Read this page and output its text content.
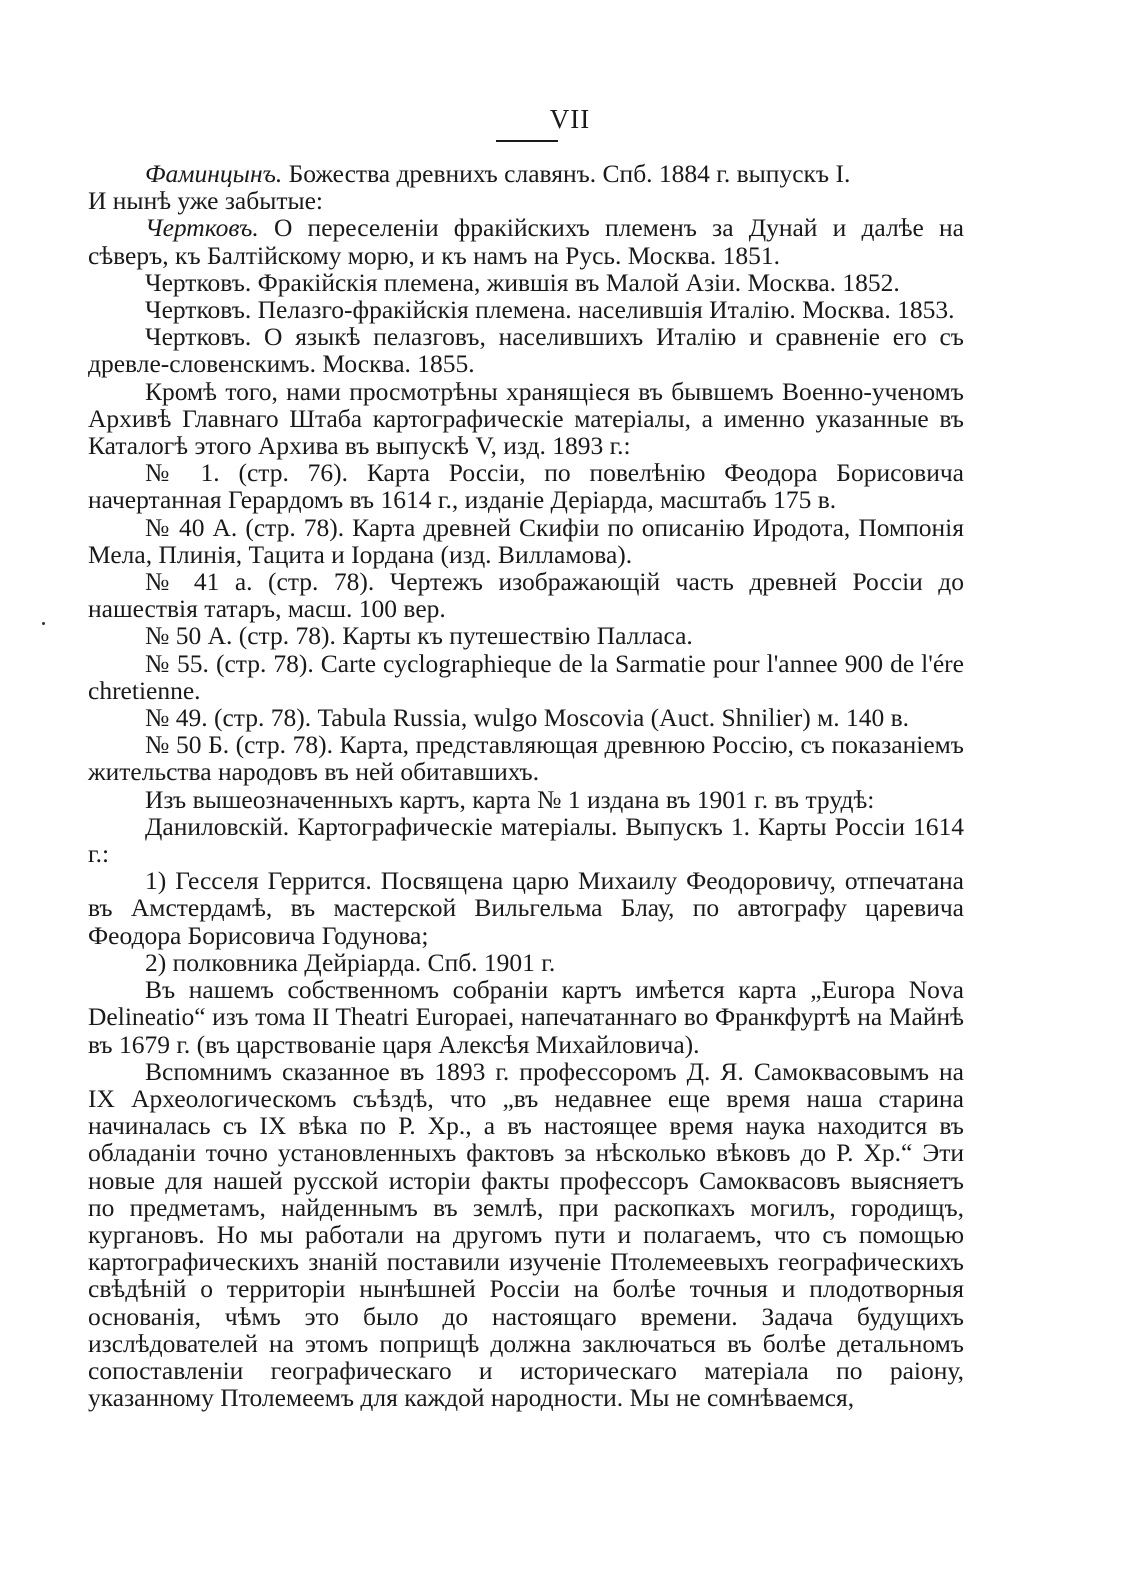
VII

Фаминцынъ. Божества древнихъ славянъ. Спб. 1884 г. выпускъ I.

И нынѣ уже забытые:

Чертковъ. О переселенiи фракiйскихъ племенъ за Дунай и далѣе на сѣверъ, къ Балтiйскому морю, и къ намъ на Русь. Москва. 1851.

Чертковъ. Фракiйскiя племена, жившiя въ Малой Азiи. Москва. 1852.

Чертковъ. Пелазго-фракiйскiя племена. населившiя Италiю. Москва. 1853.

Чертковъ. О языкѣ пелазговъ, населившихъ Италiю и сравненiе его съ древле-словенскимъ. Москва. 1855.

Кромѣ того, нами просмотрѣны хранящiеся въ бывшемъ Военно-ученомъ Архивѣ Главнаго Штаба картографическiе матерiалы, а именно указанные въ Каталогѣ этого Архива въ выпускѣ V, изд. 1893 г.:

№ 1. (стр. 76). Карта Россiи, по повелѣнiю Феодора Борисовича начертанная Герардомъ въ 1614 г., изданiе Дерiарда, масштабъ 175 в.

№ 40 А. (стр. 78). Карта древней Скифiи по описанiю Иродота, Помпонiя Мела, Плинiя, Тацита и Iордана (изд. Вилламова).

№ 41 а. (стр. 78). Чертежъ изображающiй часть древней Россiи до нашествiя татаръ, масш. 100 вер.

№ 50 А. (стр. 78). Карты къ путешествiю Палласа.

№ 55. (стр. 78). Carte cyclographieque de la Sarmatie pour l'annee 900 de l'ére chretienne.

№ 49. (стр. 78). Tabula Russia, wulgo Moscovia (Auct. Shnilier) м. 140 в.

№ 50 Б. (стр. 78). Карта, представляющая древнюю Россiю, съ показанiемъ жительства народовъ въ ней обитавшихъ.

Изъ вышеозначенныхъ картъ, карта № 1 издана въ 1901 г. въ трудѣ:

Даниловскiй. Картографическiе матерiалы. Выпускъ 1. Карты Россiи 1614 г.:

1) Гесселя Геррится. Посвящена царю Михаилу Феодоровичу, отпечатана въ Амстердамѣ, въ мастерской Вильгельма Блау, по автографу царевича Феодора Борисовича Годунова;

2) полковника Дейрiарда. Спб. 1901 г.

Въ нашемъ собственномъ собранiи картъ имѣется карта „Europa Nova Delineatio“ изъ тома II Theatri Europaei, напечатаннаго во Франкфуртѣ на Майнѣ въ 1679 г. (въ царствованiе царя Алексѣя Михайловича).

Вспомнимъ сказанное въ 1893 г. профессоромъ Д. Я. Самоквасовымъ на IX Археологическомъ съѣздѣ, что „въ недавнее еще время наша старина начиналась съ IX вѣка по Р. Хр., а въ настоящее время наука находится въ обладанiи точно установленныхъ фактовъ за нѣсколько вѣковъ до Р. Хр.“ Эти новые для нашей русской исторiи факты профессоръ Самоквасовъ выясняетъ по предметамъ, найденнымъ въ землѣ, при раскопкахъ могилъ, городищъ, кургановъ. Но мы работали на другомъ пути и полагаемъ, что съ помощью картографическихъ знанiй поставили изученiе Птолемеевыхъ географическихъ свѣдѣнiй о территорiи нынѣшней Россiи на болѣе точныя и плодотворныя основанiя, чѣмъ это было до настоящаго времени. Задача будущихъ изслѣдователей на этомъ поприщѣ должна заключаться въ болѣе детальномъ сопоставленiи географическаго и историческаго матерiала по раiону, указанному Птолемеемъ для каждой народности. Мы не сомнѣваемся,
